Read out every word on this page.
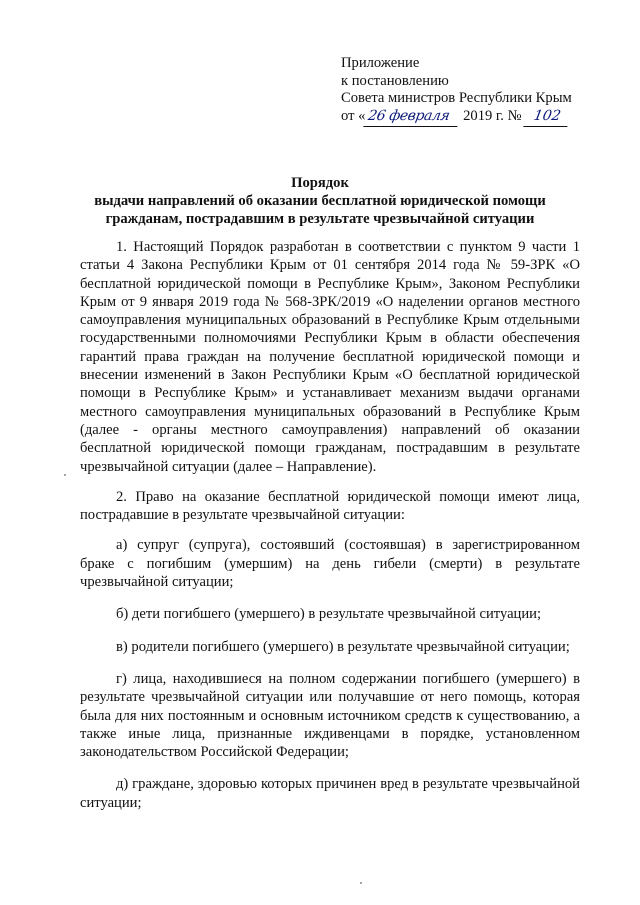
Приложение
к постановлению
Совета министров Республики Крым
от « 26 февраля 2019 г. № 102
Порядок
выдачи направлений об оказании бесплатной юридической помощи
гражданам, пострадавшим в результате чрезвычайной ситуации

1. Настоящий Порядок разработан в соответствии с пунктом 9 части 1 статьи 4 Закона Республики Крым от 01 сентября 2014 года № 59-ЗРК «О бесплатной юридической помощи в Республике Крым», Законом Республики Крым от 9 января 2019 года № 568-ЗРК/2019 «О наделении органов местного самоуправления муниципальных образований в Республике Крым отдельными государственными полномочиями Республики Крым в области обеспечения гарантий права граждан на получение бесплатной юридической помощи и внесении изменений в Закон Республики Крым «О бесплатной юридической помощи в Республике Крым» и устанавливает механизм выдачи органами местного самоуправления муниципальных образований в Республике Крым (далее - органы местного самоуправления) направлений об оказании бесплатной юридической помощи гражданам, пострадавшим в результате чрезвычайной ситуации (далее – Направление).

2. Право на оказание бесплатной юридической помощи имеют лица, пострадавшие в результате чрезвычайной ситуации:

а) супруг (супруга), состоявший (состоявшая) в зарегистрированном браке с погибшим (умершим) на день гибели (смерти) в результате чрезвычайной ситуации;

б) дети погибшего (умершего) в результате чрезвычайной ситуации;

в) родители погибшего (умершего) в результате чрезвычайной ситуации;

г) лица, находившиеся на полном содержании погибшего (умершего) в результате чрезвычайной ситуации или получавшие от него помощь, которая была для них постоянным и основным источником средств к существованию, а также иные лица, признанные иждивенцами в порядке, установленном законодательством Российской Федерации;

д) граждане, здоровью которых причинен вред в результате чрезвычайной ситуации;
